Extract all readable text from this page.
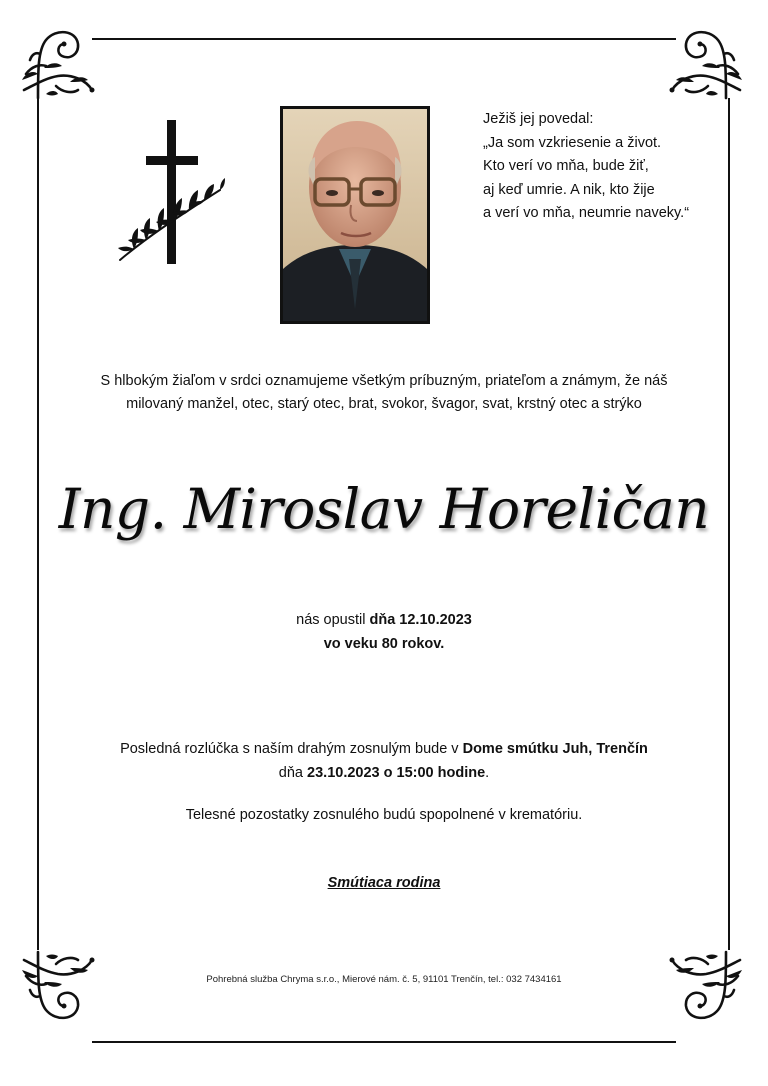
Ježiš jej povedal:
„Ja som vzkriesenie a život.
Kto verí vo mňa, bude žiť,
aj keď umrie. A nik, kto žije
a verí vo mňa, neumrie naveky.“
S hlbokým žiaľom v srdci oznamujeme všetkým príbuzným, priateľom a známym, že náš
milovaný manžel, otec, starý otec, brat, svokor, švagor, svat, krstný otec a strýko
Ing. Miroslav Horeličan
nás opustil dňa 12.10.2023
vo veku 80 rokov.
Posledná rozlúčka s naším drahým zosnulým bude v Dome smútku Juh, Trenčín
dňa 23.10.2023 o 15:00 hodine.
Telesné pozostatky zosnulého budú spopolnené v krematóriu.
Smútiaca rodina
Pohrebná služba Chryma s.r.o., Mierové nám. č. 5, 91101 Trenčín, tel.: 032 7434161
